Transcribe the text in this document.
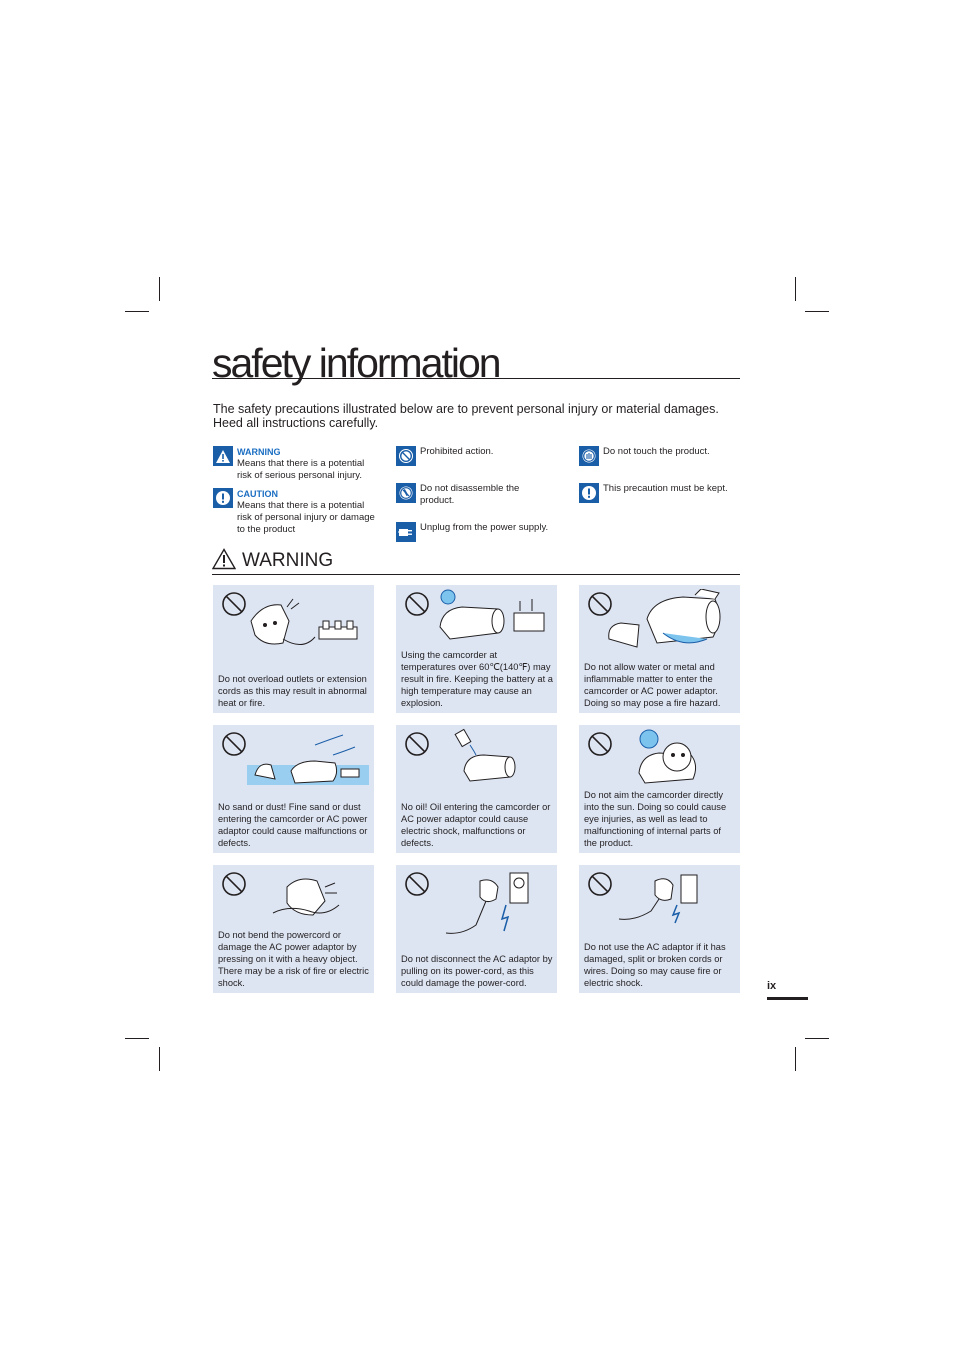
safety information
The safety precautions illustrated below are to prevent personal injury or material damages. Heed all instructions carefully.
WARNING
Means that there is a potential risk of serious personal injury.
CAUTION
Means that there is a potential risk of personal injury or damage to the product
Prohibited action.
Do not disassemble the product.
Unplug from the power supply.
Do not touch the product.
This precaution must be kept.
WARNING
Do not overload outlets or extension cords as this may result in abnormal heat or fire.
Using the camcorder at temperatures over 60℃(140℉) may result in fire. Keeping the battery at a high temperature may cause an explosion.
Do not allow water or metal and inflammable matter to enter the camcorder or AC power adaptor. Doing so may pose a fire hazard.
No sand or dust! Fine sand or dust entering the camcorder or AC power adaptor could cause malfunctions or defects.
No oil! Oil entering the camcorder or AC power adaptor could cause electric shock, malfunctions or defects.
Do not aim the camcorder directly into the sun. Doing so could cause eye injuries, as well as lead to malfunctioning of internal parts of the product.
Do not bend the powercord or damage the AC power adaptor by pressing on it with a heavy object. There may be a risk of fire or electric shock.
Do not disconnect the AC adaptor by pulling on its power-cord, as this could damage the power-cord.
Do not use the AC adaptor if it has damaged, split or broken cords or wires. Doing so may cause fire or electric shock.	ix
